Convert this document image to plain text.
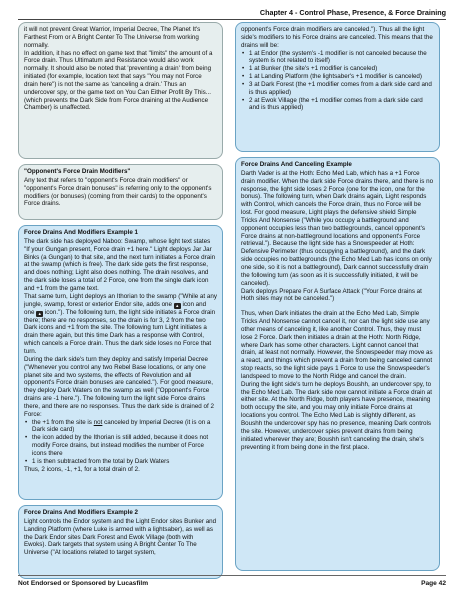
Chapter 4 - Control Phase, Presence, & Force Draining

it will not prevent Great Warrior, Imperial Decree, The Planet It's Farthest From or A Bright Center To The Universe from working normally.

In addition, it has no effect on game text that "limits" the amount of a Force drain. Thus Ultimatum and Resistance would also work normally. It should also be noted that 'preventing a drain' from being initiated (for example, location text that says "You may not Force drain here") is not the same as 'canceling a drain.' Thus an undercover spy, or the game text on You Can Either Profit By This... (which prevents the Dark Side from Force draining at the Audience Chamber) is unaffected.

"Opponent's Force Drain Modifiers"

Any text that refers to "opponent's Force drain modifiers" or "opponent's Force drain bonuses" is referring only to the opponent's modifiers (or bonuses) (coming from their cards) to the opponent's Force drains.

Force Drains And Modifiers Example 1

The dark side has deployed Naboo: Swamp, whose light text states "If your Gungan present, Force drain +1 here." Light deploys Jar Jar Binks (a Gungan) to that site, and the next turn initiates a Force drain at the swamp (which is free). The dark side gets the first response, and does nothing; Light also does nothing. The drain resolves, and the dark side loses a total of 2 Force, one from the single dark icon and +1 from the game text.

That same turn, Light deploys an Ithorian to the swamp ("While at any jungle, swamp, forest or exterior Endor site, adds one ▲ icon and one ▲ icon."). The following turn, the light side initiates a Force drain there; there are no responses, so the drain is for 3, 2 from the two Dark icons and +1 from the site. The following turn Light initiates a drain there again, but this time Dark has a response with Control, which cancels a Force drain. Thus the dark side loses no Force that turn.

During the dark side's turn they deploy and satisfy Imperial Decree ("Whenever you control any two Rebel Base locations, or any one planet site and two systems, the effects of Revolution and all opponent's Force drain bonuses are canceled."). For good measure, they deploy Dark Waters on the swamp as well ("Opponent's Force drains are -1 here."). The following turn the light side Force drains there, and there are no responses. Thus the dark side is drained of 2 Force:

• the +1 from the site is not canceled by Imperial Decree (it is on a Dark side card)
• the icon added by the Ithorian is still added, because it does not modify Force drains, but instead modifies the number of Force icons there
• 1 is then subtracted from the total by Dark Waters

Thus, 2 icons, -1, +1, for a total drain of 2.

Force Drains And Modifiers Example 2

Light controls the Endor system and the Light Endor sites Bunker and Landing Platform (where Luke is armed with a lightsaber), as well as the Dark Endor sites Dark Forest and Ewok Village (both with Ewoks). Dark targets that system using A Bright Center To The Universe ("At locations related to target system,

opponent's Force drain modifiers are canceled."). Thus all the light side's modifiers to his Force drains are canceled. This means that the drains will be:

• 1 at Endor (the system's -1 modifier is not canceled because the system is not related to itself)
• 1 at Bunker (the site's +1 modifier is canceled)
• 1 at Landing Platform (the lightsaber's +1 modifier is canceled)
• 3 at Dark Forest (the +1 modifier comes from a dark side card and is thus applied)
• 2 at Ewok Village (the +1 modifier comes from a dark side card and is thus applied)
Force Drains And Canceling Example

Darth Vader is at the Hoth: Echo Med Lab, which has a +1 Force drain modifier. When the dark side Force drains there, and there is no response, the light side loses 2 Force (one for the icon, one for the bonus). The following turn, when Dark drains again, Light responds with Control, which cancels the Force drain, thus no Force will be lost. For good measure, Light plays the defensive shield Simple Tricks And Nonsense ("While you occupy a battleground and opponent occupies less than two battlegrounds, cancel opponent's Force drains at non-battleground locations and opponent's Force retrieval."). Because the light side has a Snowspeeder at Hoth: Defensive Perimeter (thus occupying a battleground), and the dark side occupies no battlegrounds (the Echo Med Lab has icons on only one side, so it is not a battleground), Dark cannot successfully drain the following turn (as soon as it is successfully initiated, it will be canceled).

Dark deploys Prepare For A Surface Attack ("Your Force drains at Hoth sites may not be canceled.")

Thus, when Dark initiates the drain at the Echo Med Lab, Simple Tricks And Nonsense cannot cancel it, nor can the light side use any other means of canceling it, like another Control. Thus, they must lose 2 Force. Dark then initiates a drain at the Hoth: North Ridge, where Dark has some other characters. Light cannot cancel that drain, at least not normally. However, the Snowspeeder may move as a react, and things which prevent a drain from being canceled cannot stop reacts, so the light side pays 1 Force to use the Snowspeeder's landspeed to move to the North Ridge and cancel the drain.

During the light side's turn he deploys Boushh, an undercover spy, to the Echo Med Lab. The dark side now cannot initiate a Force drain at either site. At the North Ridge, both players have presence, meaning both occupy the site, and you may only initiate Force drains at locations you control. The Echo Med Lab is slightly different, as Boushh the undercover spy has no presence, meaning Dark controls the site. However, undercover spies prevent drains from being initiated wherever they are; Boushh isn't canceling the drain, she's preventing it from being done in the first place.

Not Endorsed or Sponsored by Lucasfilm	Page 42
